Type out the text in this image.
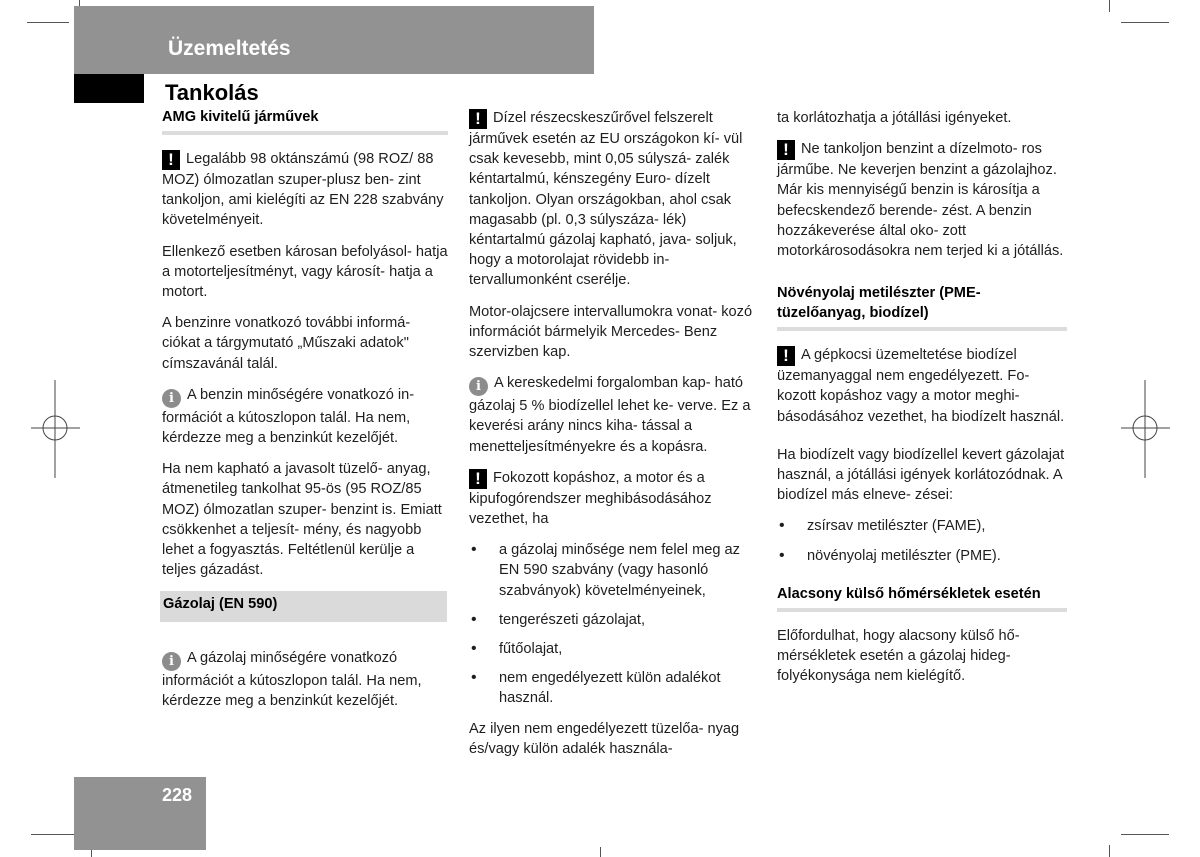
Üzemeltetés
Tankolás
AMG kivitelű járművek

! Legalább 98 oktánszámú (98 ROZ/ 88 MOZ) ólmozatlan szuper-plusz ben- zint tankoljon, ami kielégíti az EN 228 szabvány követelményeit.

Ellenkező esetben károsan befolyásol- hatja a motorteljesítményt, vagy károsít- hatja a motort.

A benzinre vonatkozó további informá- ciókat a tárgymutató „Műszaki adatok" címszavánál talál.

i A benzin minőségére vonatkozó in- formációt a kútoszlopon talál. Ha nem, kérdezze meg a benzinkút kezelőjét.

Ha nem kapható a javasolt tüzelő- anyag, átmenetileg tankolhat 95-ös (95 ROZ/85 MOZ) ólmozatlan szuper- benzint is. Emiatt csökkenhet a teljesít- mény, és nagyobb lehet a fogyasztás. Feltétlenül kerülje a teljes gázadást.

Gázolaj (EN 590)

i A gázolaj minőségére vonatkozó információt a kútoszlopon talál. Ha nem, kérdezze meg a benzinkút kezelőjét.

! Dízel részecskeszűrővel felszerelt járművek esetén az EU országokon kí- vül csak kevesebb, mint 0,05 súlyszá- zalék kéntartalmú, kénszegény Euro- dízelt tankoljon. Olyan országokban, ahol csak magasabb (pl. 0,3 súlyszáza- lék) kéntartalmú gázolaj kapható, java- soljuk, hogy a motorolajat rövidebb in- tervallumonként cserélje.

Motor-olajcsere intervallumokra vonat- kozó információt bármelyik Mercedes- Benz szervizben kap.

i A kereskedelmi forgalomban kap- ható gázolaj 5 % biodízellel lehet ke- verve. Ez a keverési arány nincs kiha- tással a menetteljesítményekre és a kopásra.

! Fokozott kopáshoz, a motor és a kipufogórendszer meghibásodásához vezethet, ha

• a gázolaj minősége nem felel meg az EN 590 szabvány (vagy hasonló szabványok) követelményeinek,
• tengerészeti gázolajat,
• fűtőolajat,
• nem engedélyezett külön adalékot használ.

Az ilyen nem engedélyezett tüzelőa- nyag és/vagy külön adalék használa-

ta korlátozhatja a jótállási igényeket.

! Ne tankoljon benzint a dízelmoto- ros járműbe. Ne keverjen benzint a gázolajhoz. Már kis mennyiségű benzin is károsítja a befecskendező berende- zést. A benzin hozzákeverése által oko- zott motorkárosodásokra nem terjed ki a jótállás.

Növényolaj metilészter (PME-tüzelőanyag, biodízel)

! A gépkocsi üzemeltetése biodízel üzemanyaggal nem engedélyezett. Fo- kozott kopáshoz vagy a motor meghi- básodásához vezethet, ha biodízelt használ.

Ha biodízelt vagy biodízellel kevert gázolajat használ, a jótállási igények korlátozódnak. A biodízel más elneve- zései:

• zsírsav metilészter (FAME),
• növényolaj metilészter (PME).
Alacsony külső hőmérsékletek esetén

Előfordulhat, hogy alacsony külső hő- mérsékletek esetén a gázolaj hideg- folyékonysága nem kielégítő.

228
